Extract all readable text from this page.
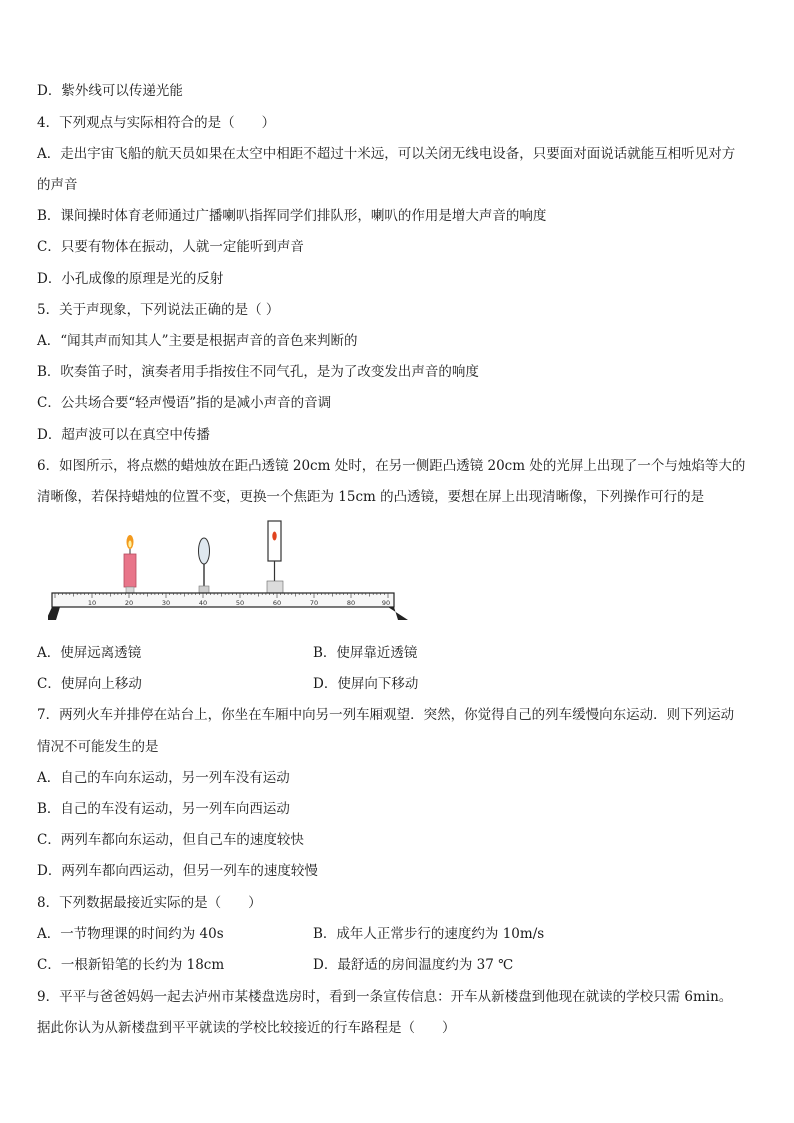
D．紫外线可以传递光能
4．下列观点与实际相符合的是（　　）
A．走出宇宙飞船的航天员如果在太空中相距不超过十米远，可以关闭无线电设备，只要面对面说话就能互相听见对方
的声音
B．课间操时体育老师通过广播喇叭指挥同学们排队形，喇叭的作用是增大声音的响度
C．只要有物体在振动，人就一定能听到声音
D．小孔成像的原理是光的反射
5．关于声现象，下列说法正确的是（ ）
A．“闻其声而知其人”主要是根据声音的音色来判断的
B．吹奏笛子时，演奏者用手指按住不同气孔，是为了改变发出声音的响度
C．公共场合要“轻声慢语”指的是减小声音的音调
D．超声波可以在真空中传播
6．如图所示，将点燃的蜡烛放在距凸透镜 20cm 处时，在另一侧距凸透镜 20cm 处的光屏上出现了一个与烛焰等大的
清晰像，若保持蜡烛的位置不变，更换一个焦距为 15cm 的凸透镜，要想在屏上出现清晰像，下列操作可行的是
10	20	30	40	50	60	70	80	90
A．使屏远离透镜	B．使屏靠近透镜
C．使屏向上移动	D．使屏向下移动
7．两列火车并排停在站台上，你坐在车厢中向另一列车厢观望．突然，你觉得自己的列车缓慢向东运动．则下列运动
情况不可能发生的是
A．自己的车向东运动，另一列车没有运动
B．自己的车没有运动，另一列车向西运动
C．两列车都向东运动，但自己车的速度较快
D．两列车都向西运动，但另一列车的速度较慢
8．下列数据最接近实际的是（　　）
A．一节物理课的时间约为 40s	B．成年人正常步行的速度约为 10m/s
C．一根新铅笔的长约为 18cm	D．最舒适的房间温度约为 37 ℃
9．平平与爸爸妈妈一起去泸州市某楼盘选房时，看到一条宣传信息：开车从新楼盘到他现在就读的学校只需 6min。
据此你认为从新楼盘到平平就读的学校比较接近的行车路程是（　　）
